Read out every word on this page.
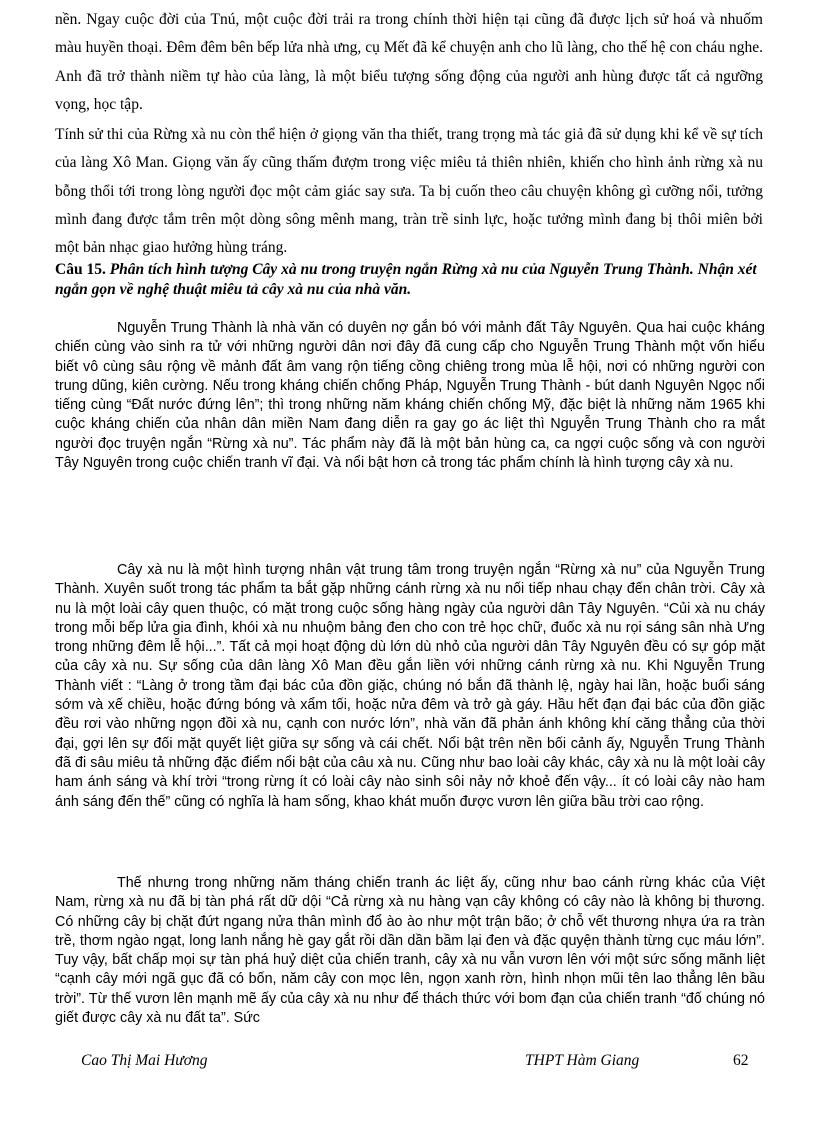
nền. Ngay cuộc đời của Tnú, một cuộc đời trải ra trong chính thời hiện tại cũng đã được lịch sử hoá và nhuốm màu huyền thoại. Đêm đêm bên bếp lửa nhà ưng, cụ Mết đã kể chuyện anh cho lũ làng, cho thế hệ con cháu nghe. Anh đã trở thành niềm tự hào của làng, là một biểu tượng sống động của người anh hùng được tất cả ngưỡng vọng, học tập.

Tính sử thi của Rừng xà nu còn thể hiện ở giọng văn tha thiết, trang trọng mà tác giả đã sử dụng khi kể về sự tích của làng Xô Man. Giọng văn ấy cũng thấm đượm trong việc miêu tả thiên nhiên, khiến cho hình ảnh rừng xà nu bỗng thổi tới trong lòng người đọc một cảm giác say sưa. Ta bị cuốn theo câu chuyện không gì cưỡng nổi, tưởng mình đang được tắm trên một dòng sông mênh mang, tràn trề sinh lực, hoặc tưởng mình đang bị thôi miên bởi một bản nhạc giao hưởng hùng tráng.

Câu 15. Phân tích hình tượng Cây xà nu trong truyện ngắn Rừng xà nu của Nguyễn Trung Thành. Nhận xét ngắn gọn về nghệ thuật miêu tả cây xà nu của nhà văn.

Nguyễn Trung Thành là nhà văn có duyên nợ gắn bó với mảnh đất Tây Nguyên. Qua hai cuộc kháng chiến cùng vào sinh ra tử với những người dân nơi đây đã cung cấp cho Nguyễn Trung Thành một vốn hiểu biết vô cùng sâu rộng về mảnh đất âm vang rộn tiếng cồng chiêng trong mùa lễ hội, nơi có những người con trung dũng, kiên cường. Nếu trong kháng chiến chống Pháp, Nguyễn Trung Thành - bút danh Nguyên Ngọc nổi tiếng cùng “Đất nước đứng lên”; thì trong những năm kháng chiến chống Mỹ, đặc biệt là những năm 1965 khi cuộc kháng chiến của nhân dân miền Nam đang diễn ra gay go ác liệt thì Nguyễn Trung Thành cho ra mắt người đọc truyện ngắn “Rừng xà nu”. Tác phẩm này đã là một bản hùng ca, ca ngợi cuộc sống và con người Tây Nguyên trong cuộc chiến tranh vĩ đại. Và nổi bật hơn cả trong tác phẩm chính là hình tượng cây xà nu.

Cây xà nu là một hình tượng nhân vật trung tâm trong truyện ngắn “Rừng xà nu” của Nguyễn Trung Thành. Xuyên suốt trong tác phẩm ta bắt gặp những cánh rừng xà nu nối tiếp nhau chạy đến chân trời. Cây xà nu là một loài cây quen thuộc, có mặt trong cuộc sống hàng ngày của người dân Tây Nguyên. “Củi xà nu cháy trong mỗi bếp lửa gia đình, khói xà nu nhuộm bảng đen cho con trẻ học chữ, đuốc xà nu rọi sáng sân nhà Ưng trong những đêm lễ hội...”. Tất cả mọi hoạt động dù lớn dù nhỏ của người dân Tây Nguyên đều có sự góp mặt của cây xà nu. Sự sống của dân làng Xô Man đều gắn liền với những cánh rừng xà nu. Khi Nguyễn Trung Thành viết : “Làng ở trong tầm đại bác của đồn giặc, chúng nó bắn đã thành lệ, ngày hai lần, hoặc buổi sáng sớm và xế chiều, hoặc đứng bóng và xẩm tối, hoặc nửa đêm và trở gà gáy. Hầu hết đạn đại bác của đồn giặc đều rơi vào những ngọn đồi xà nu, cạnh con nước lớn”, nhà văn đã phản ánh không khí căng thẳng của thời đại, gợi lên sự đối mặt quyết liệt giữa sự sống và cái chết. Nổi bật trên nền bối cảnh ấy, Nguyễn Trung Thành đã đi sâu miêu tả những đặc điểm nổi bật của câu xà nu. Cũng như bao loài cây khác, cây xà nu là một loài cây ham ánh sáng và khí trời “trong rừng ít có loài cây nào sinh sôi nảy nở khoẻ đến vậy... ít có loài cây nào ham ánh sáng đến thế” cũng có nghĩa là ham sống, khao khát muốn được vươn lên giữa bầu trời cao rộng.

Thế nhưng trong những năm tháng chiến tranh ác liệt ấy, cũng như bao cánh rừng khác của Việt Nam, rừng xà nu đã bị tàn phá rất dữ dội “Cả rừng xà nu hàng vạn cây không có cây nào là không bị thương. Có những cây bị chặt đứt ngang nửa thân mình đổ ào ào như một trận bão; ở chỗ vết thương nhựa ứa ra tràn trề, thơm ngào ngạt, long lanh nắng hè gay gắt rồi dần dần bầm lại đen và đặc quyện thành từng cục máu lớn”. Tuy vậy, bất chấp mọi sự tàn phá huỷ diệt của chiến tranh, cây xà nu vẫn vươn lên với một sức sống mãnh liệt “cạnh cây mới ngã gục đã có bốn, năm cây con mọc lên, ngọn xanh rờn, hình nhọn mũi tên lao thẳng lên bầu trời”. Từ thế vươn lên mạnh mẽ ấy của cây xà nu như để thách thức với bom đạn của chiến tranh “đố chúng nó giết được cây xà nu đất ta”. Sức

Cao Thị Mai Hương	THPT Hàm Giang	62
